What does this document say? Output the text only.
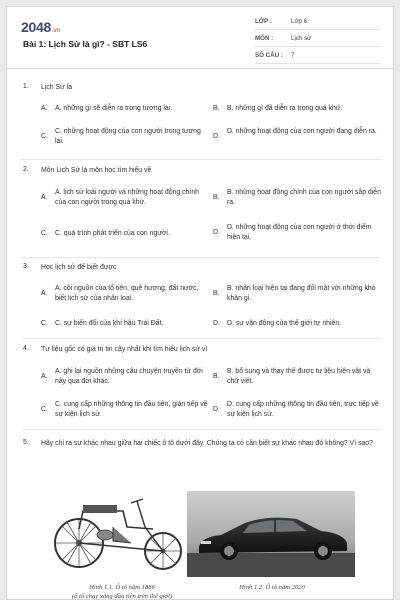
2048.vn
Bài 1: Lịch Sử là gì? - SBT LS6
LỚP :	Lớp 6
MÔN :	Lịch sử
SỐ CÂU : 7
1. Lịch Sử là
A. A. những gì sẽ diễn ra trong tương lai.	B. B. những gì đã diễn ra trong quá khứ.
C.
C. những hoạt động của con người trong tương lai.
D.
D. những hoạt động của con người đang diễn ra.
2. Môn Lịch Sử là môn học tìm hiểu về
A.
A. lịch sử loài người và những hoạt động chính của con người trong quá khứ.
B.
B. những hoạt động chính của con người sắp diễn ra.
C. C. quá trình phát triển của con người.	D.
D. những hoạt động của con người ở thời điểm hiện tại.
3. Học lịch sử để biết được
A.
A. cội nguồn của tổ tiên, quê hương, đất nước, biết lịch sử của nhân loại.
B.
B. nhân loại hiện tại đang đối mặt với những khó khăn gì.
C. C. sự biến đổi của khí hậu Trái Đất.	D. D. sự vận động của thế giới tự nhiên.
4. Tư liệu gốc có giá trị tin cậy nhất khi tìm hiểu lịch sử vì
A.
A. ghi lại nguồn những câu chuyện truyền từ đời này qua đời khác.
B.
B. bổ sung và thay thế được tư liệu hiện vật và chữ viết.
C.
C. cung cấp những thông tin đầu tiên, gián tiếp về sự kiện lịch sử.
D.
D. cung cấp những thông tin đầu tiên, trực tiếp về sự kiện lịch sử.
5. Hãy chỉ ra sự khác nhau giữa hai chiếc ô tô dưới đây. Chúng ta có cần biết sự khác nhau đó không? Vì sao?
Hình 1.1. Ô tô năm 1886
(ô tô chạy xăng đầu tiên trên thế giới)
Hình 1.2. Ô tô năm 2020
